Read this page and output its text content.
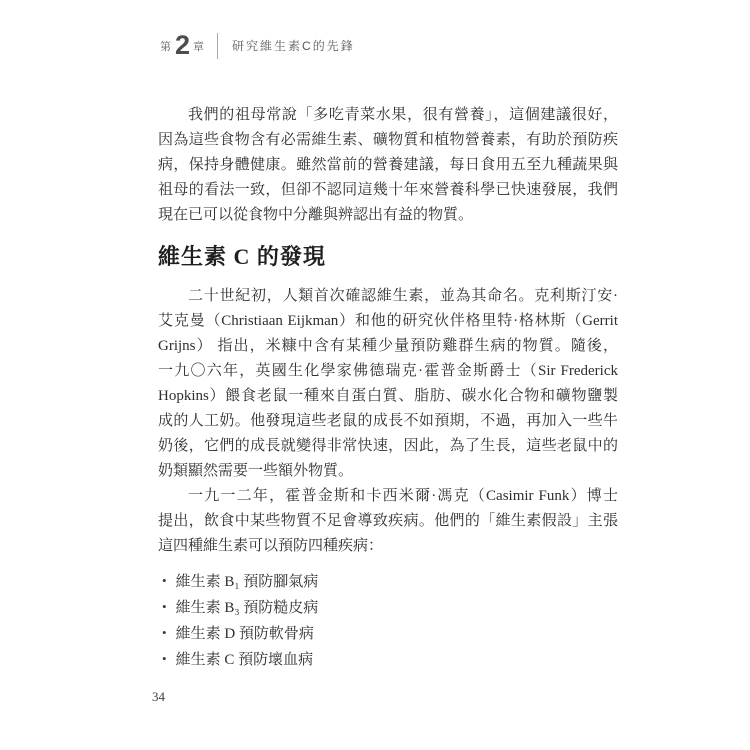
第 2 章 研究維生素C的先鋒
我們的祖母常說「多吃青菜水果，很有營養」，這個建議很好，
因為這些食物含有必需維生素、礦物質和植物營養素，有助於預防疾
病，保持身體健康。雖然當前的營養建議，每日食用五至九種蔬果與
祖母的看法一致，但卻不認同這幾十年來營養科學已快速發展，我們
現在已可以從食物中分離與辨認出有益的物質。
維生素 C 的發現
二十世紀初，人類首次確認維生素，並為其命名。克利斯汀安·
艾克曼（Christiaan Eijkman）和他的研究伙伴格里特·格林斯（Gerrit
Grijns） 指出，米糠中含有某種少量預防雞群生病的物質。隨後，
一九〇六年，英國生化學家佛德瑞克·霍普金斯爵士（Sir Frederick
Hopkins）餵食老鼠一種來自蛋白質、脂肪、碳水化合物和礦物鹽製
成的人工奶。他發現這些老鼠的成長不如預期，不過，再加入一些牛
奶後，它們的成長就變得非常快速，因此，為了生長，這些老鼠中的
奶類顯然需要一些額外物質。
一九一二年，霍普金斯和卡西米爾·馮克（Casimir Funk）博士
提出，飲食中某些物質不足會導致疾病。他們的「維生素假設」主張
這四種維生素可以預防四種疾病：
• 維生素 B₁ 預防腳氣病
• 維生素 B₃ 預防糙皮病
• 維生素 D 預防軟骨病
• 維生素 C 預防壞血病
34
